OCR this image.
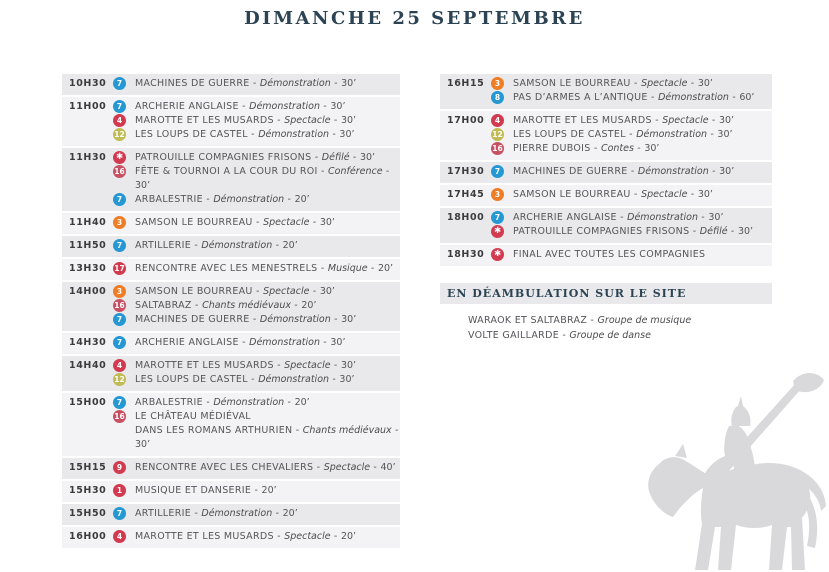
DIMANCHE 25 SEPTEMBRE
10H30	7	MACHINES DE GUERRE - Démonstration - 30’
11H00	7	ARCHERIE ANGLAISE - Démonstration - 30’
4	MAROTTE ET LES MUSARDS - Spectacle - 30’
12 LES LOUPS DE CASTEL - Démonstration - 30’
11H30	✱	PATROUILLE COMPAGNIES FRISONS - Défilé - 30’
16 FÊTE & TOURNOI A LA COUR DU ROI - Conférence - 30’
7	ARBALESTRIE - Démonstration - 20’
11H40	3	SAMSON LE BOURREAU - Spectacle - 30’
11H50	7	ARTILLERIE - Démonstration - 20’
13H30	17 RENCONTRE AVEC LES MENESTRELS - Musique - 20’
14H00	3	SAMSON LE BOURREAU - Spectacle - 30’
16 SALTABRAZ - Chants médiévaux - 20’
7	MACHINES DE GUERRE - Démonstration - 30’
14H30	7	ARCHERIE ANGLAISE - Démonstration - 30’
14H40	4	MAROTTE ET LES MUSARDS - Spectacle - 30’
12 LES LOUPS DE CASTEL - Démonstration - 30’
15H00	7	ARBALESTRIE - Démonstration - 20’
16 LE CHÂTEAU MÉDIÉVAL
DANS LES ROMANS ARTHURIEN - Chants médiévaux - 30’
15H15	9	RENCONTRE AVEC LES CHEVALIERS - Spectacle - 40’
15H30	1	MUSIQUE ET DANSERIE - 20’
15H50	7	ARTILLERIE - Démonstration - 20’
16H00	4	MAROTTE ET LES MUSARDS - Spectacle - 20’
16H15	3	SAMSON LE BOURREAU - Spectacle - 30’
8	PAS D’ARMES A L’ANTIQUE - Démonstration - 60’
17H00	4	MAROTTE ET LES MUSARDS - Spectacle - 30’
12 LES LOUPS DE CASTEL - Démonstration - 30’
16 PIERRE DUBOIS - Contes - 30’
17H30	7	MACHINES DE GUERRE - Démonstration - 30’
17H45	3	SAMSON LE BOURREAU - Spectacle - 30’
18H00	7	ARCHERIE ANGLAISE - Démonstration - 30’
✱	PATROUILLE COMPAGNIES FRISONS - Défilé - 30’
18H30	✱	FINAL AVEC TOUTES LES COMPAGNIES
EN DÉAMBULATION SUR LE SITE
WARAOK ET SALTABRAZ - Groupe de musique
VOLTE GAILLARDE - Groupe de danse
